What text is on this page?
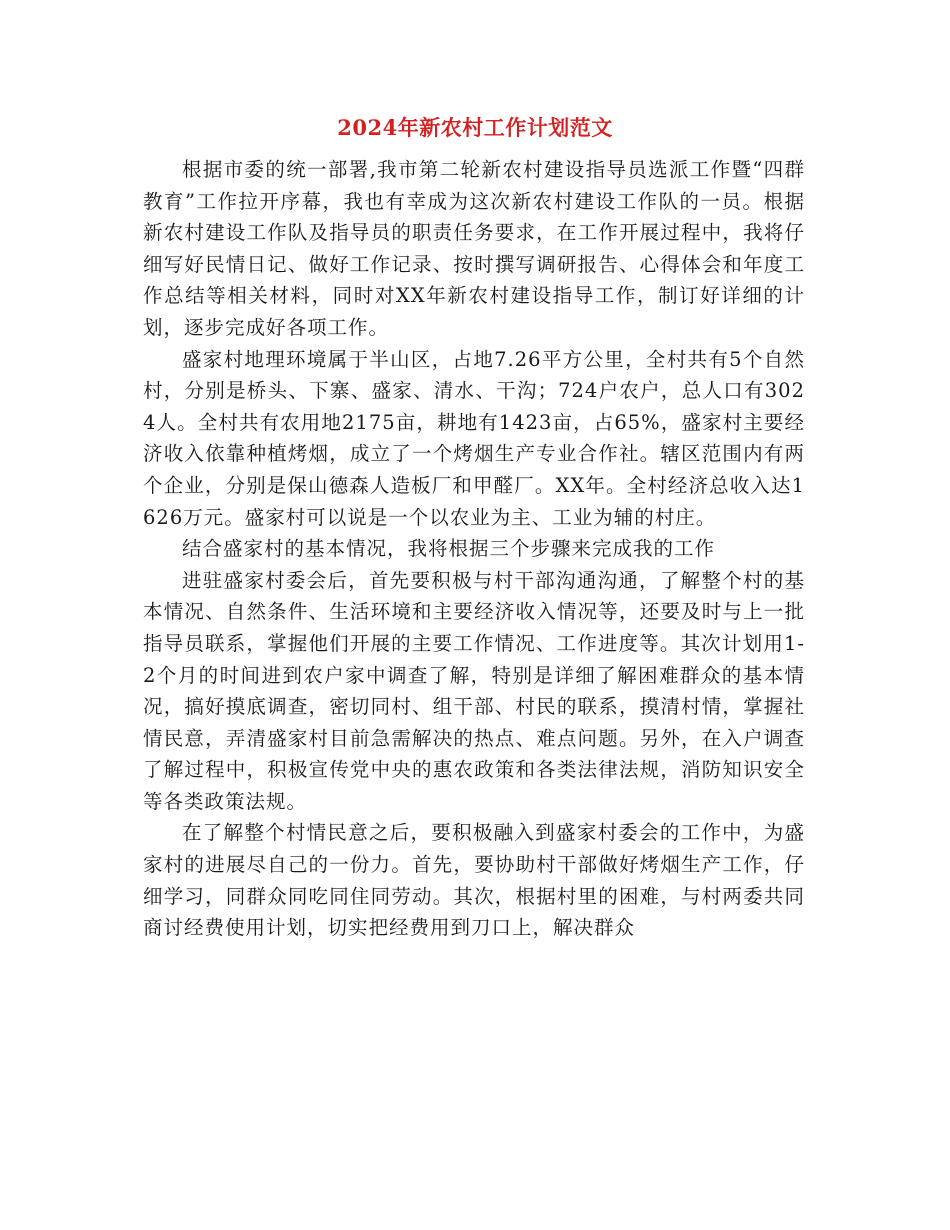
2024年新农村工作计划范文

根据市委的统一部署,我市第二轮新农村建设指导员选派工作暨“四群教育”工作拉开序幕，我也有幸成为这次新农村建设工作队的一员。根据新农村建设工作队及指导员的职责任务要求，在工作开展过程中，我将仔细写好民情日记、做好工作记录、按时撰写调研报告、心得体会和年度工作总结等相关材料，同时对XX年新农村建设指导工作，制订好详细的计划，逐步完成好各项工作。

盛家村地理环境属于半山区，占地7.26平方公里，全村共有5个自然村，分别是桥头、下寨、盛家、清水、干沟；724户农户，总人口有3024人。全村共有农用地2175亩，耕地有1423亩，占65%，盛家村主要经济收入依靠种植烤烟，成立了一个烤烟生产专业合作社。辖区范围内有两个企业，分别是保山德森人造板厂和甲醛厂。XX年。全村经济总收入达1626万元。盛家村可以说是一个以农业为主、工业为辅的村庄。

结合盛家村的基本情况，我将根据三个步骤来完成我的工作

进驻盛家村委会后，首先要积极与村干部沟通沟通，了解整个村的基本情况、自然条件、生活环境和主要经济收入情况等，还要及时与上一批指导员联系，掌握他们开展的主要工作情况、工作进度等。其次计划用1-2个月的时间进到农户家中调查了解，特别是详细了解困难群众的基本情况，搞好摸底调查，密切同村、组干部、村民的联系，摸清村情，掌握社情民意，弄清盛家村目前急需解决的热点、难点问题。另外，在入户调查了解过程中，积极宣传党中央的惠农政策和各类法律法规，消防知识安全等各类政策法规。

在了解整个村情民意之后，要积极融入到盛家村委会的工作中，为盛家村的进展尽自己的一份力。首先，要协助村干部做好烤烟生产工作，仔细学习，同群众同吃同住同劳动。其次，根据村里的困难，与村两委共同商讨经费使用计划，切实把经费用到刀口上，解决群众
